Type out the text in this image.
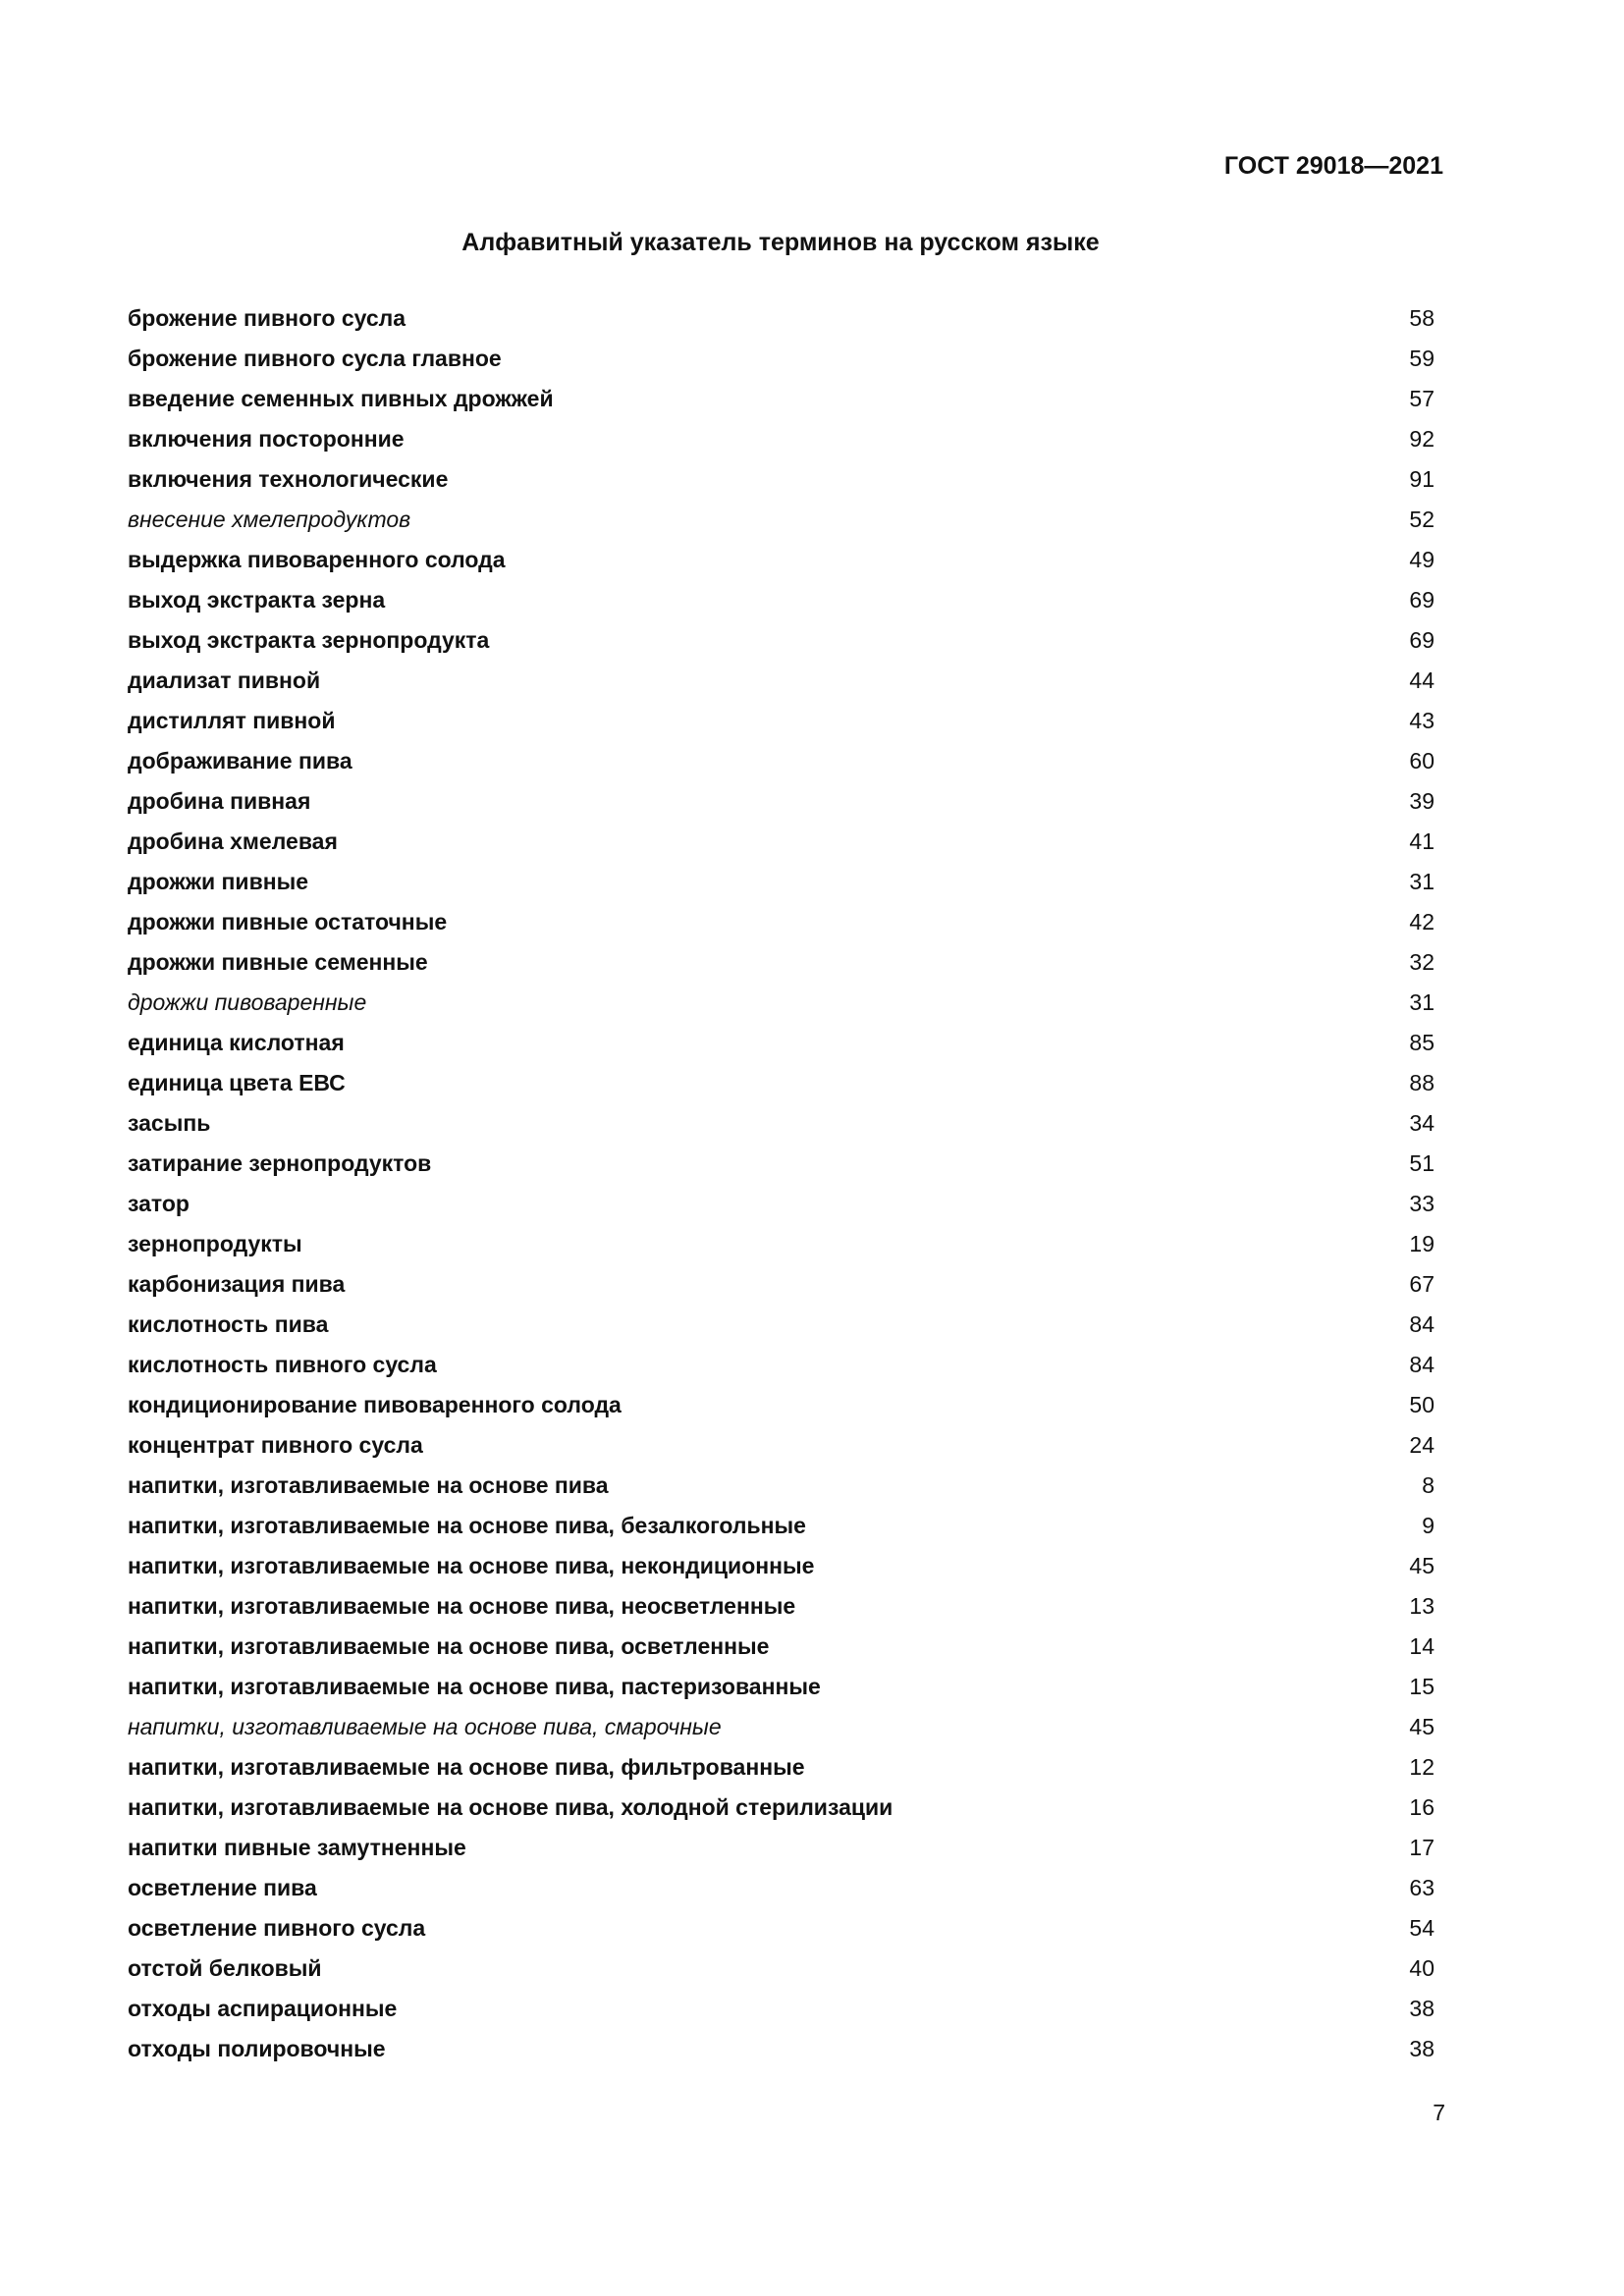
ГОСТ 29018—2021
Алфавитный указатель терминов на русском языке
брожение пивного сусла	58
брожение пивного сусла главное	59
введение семенных пивных дрожжей	57
включения посторонние	92
включения технологические	91
внесение хмелепродуктов	52
выдержка пивоваренного солода	49
выход экстракта зерна	69
выход экстракта зернопродукта	69
диализат пивной	44
дистиллят пивной	43
дображивание пива	60
дробина пивная	39
дробина хмелевая	41
дрожжи пивные	31
дрожжи пивные остаточные	42
дрожжи пивные семенные	32
дрожжи пивоваренные	31
единица кислотная	85
единица цвета ЕВС	88
засыпь	34
затирание зернопродуктов	51
затор	33
зернопродукты	19
карбонизация пива	67
кислотность пива	84
кислотность пивного сусла	84
кондиционирование пивоваренного солода	50
концентрат пивного сусла	24
напитки, изготавливаемые на основе пива	8
напитки, изготавливаемые на основе пива, безалкогольные	9
напитки, изготавливаемые на основе пива, некондиционные	45
напитки, изготавливаемые на основе пива, неосветленные	13
напитки, изготавливаемые на основе пива, осветленные	14
напитки, изготавливаемые на основе пива, пастеризованные	15
напитки, изготавливаемые на основе пива, смарочные	45
напитки, изготавливаемые на основе пива, фильтрованные	12
напитки, изготавливаемые на основе пива, холодной стерилизации	16
напитки пивные замутненные	17
осветление пива	63
осветление пивного сусла	54
отстой белковый	40
отходы аспирационные	38
отходы полировочные	38
7
